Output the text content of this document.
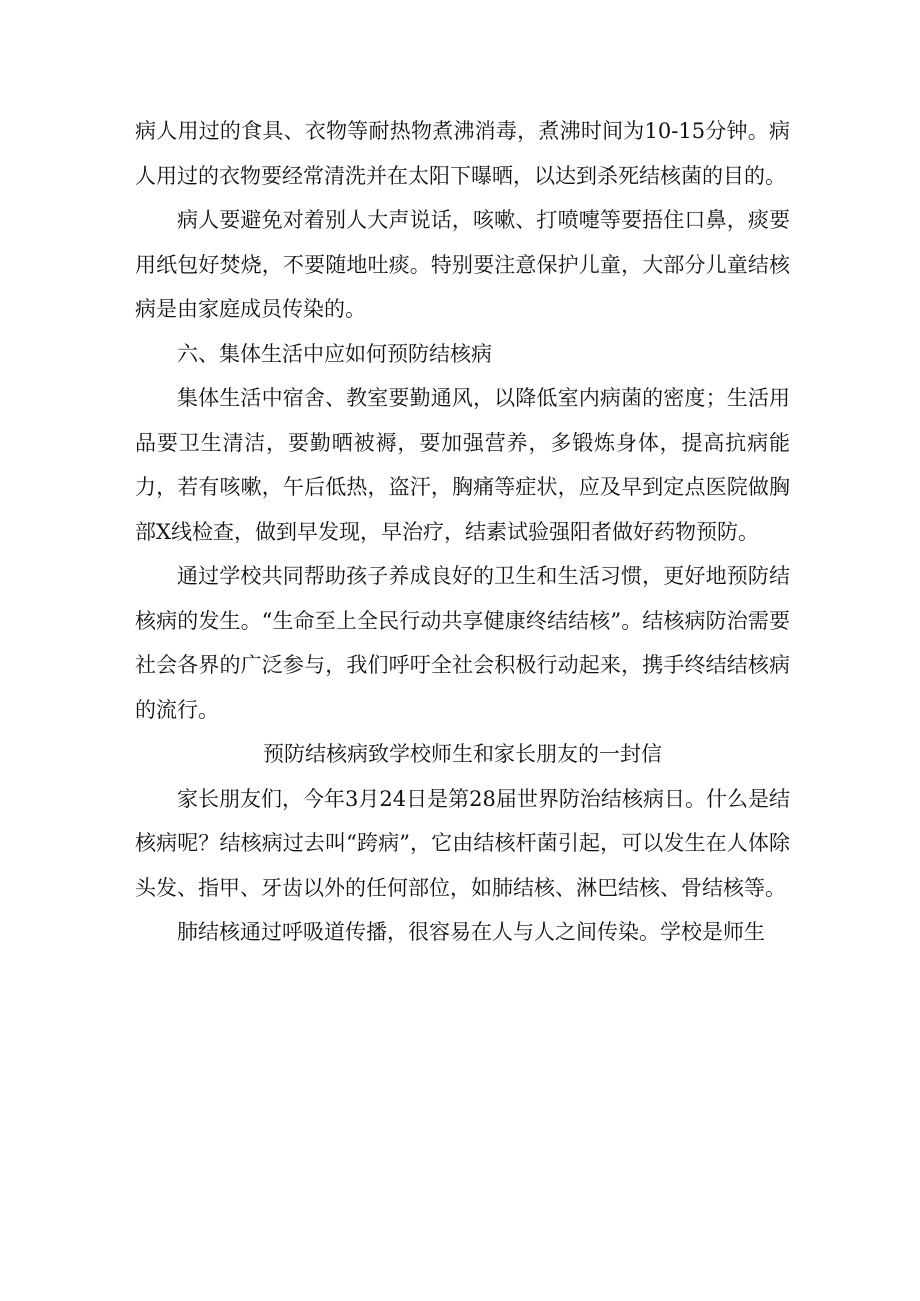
病人用过的食具、衣物等耐热物煮沸消毒，煮沸时间为10-15分钟。病人用过的衣物要经常清洗并在太阳下曝晒，以达到杀死结核菌的目的。

病人要避免对着别人大声说话，咳嗽、打喷嚏等要捂住口鼻，痰要用纸包好焚烧，不要随地吐痰。特别要注意保护儿童，大部分儿童结核病是由家庭成员传染的。

六、集体生活中应如何预防结核病

集体生活中宿舍、教室要勤通风，以降低室内病菌的密度；生活用品要卫生清洁，要勤晒被褥，要加强营养，多锻炼身体，提高抗病能力，若有咳嗽，午后低热，盗汗，胸痛等症状，应及早到定点医院做胸部X线检查，做到早发现，早治疗，结素试验强阳者做好药物预防。

通过学校共同帮助孩子养成良好的卫生和生活习惯，更好地预防结核病的发生。“生命至上全民行动共享健康终结结核”。结核病防治需要社会各界的广泛参与，我们呼吁全社会积极行动起来，携手终结结核病的流行。

预防结核病致学校师生和家长朋友的一封信

家长朋友们，今年3月24日是第28届世界防治结核病日。什么是结核病呢？结核病过去叫“跨病”，它由结核杆菌引起，可以发生在人体除头发、指甲、牙齿以外的任何部位，如肺结核、淋巴结核、骨结核等。

肺结核通过呼吸道传播，很容易在人与人之间传染。学校是师生
